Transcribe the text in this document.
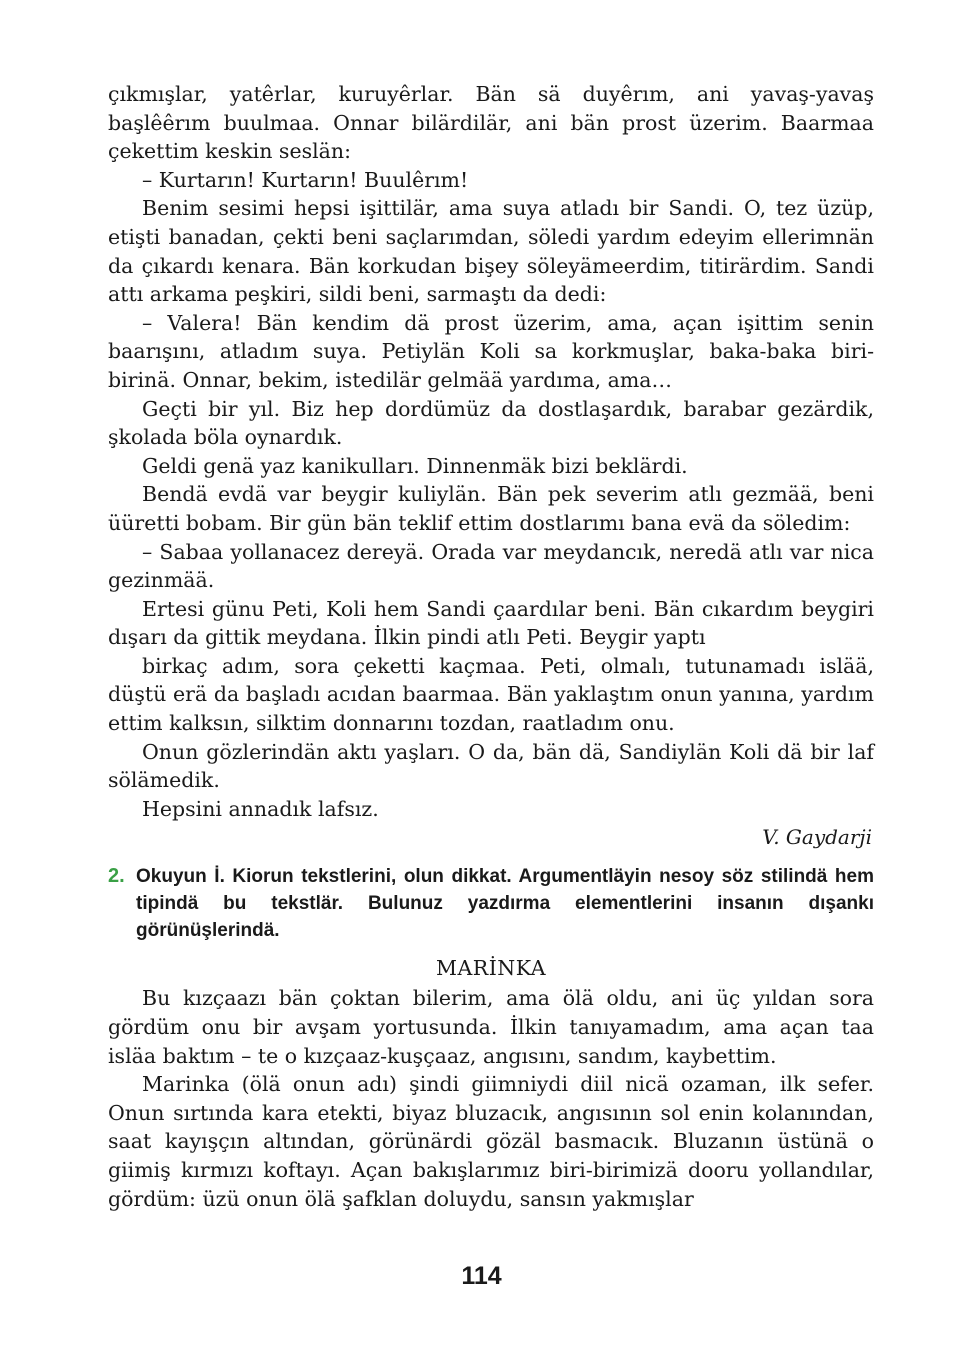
çıkmışlar, yatêrlar, kuruyêrlar. Bän sä duyêrım, ani yavaş-yavaş başlêêrım buulmaa. Onnar bilärdilär, ani bän prost üzerim. Baarmaa çekettim keskin seslän:

– Kurtarın! Kurtarın! Buulêrım!

Benim sesimi hepsi işittilär, ama suya atladı bir Sandi. O, tez üzüp, etişti banadan, çekti beni saçlarımdan, söledi yardım edeyim ellerimnän da çıkardı kenara. Bän korkudan bişey söleyämeerdim, titirärdim. Sandi attı arkama peşkiri, sildi beni, sarmaştı da dedi:

– Valera! Bän kendim dä prost üzerim, ama, açan işittim senin baarışını, atladım suya. Petiylän Koli sa korkmuşlar, baka-baka biri-birinä. Onnar, bekim, istedilär gelmää yardıma, ama…

Geçti bir yıl. Biz hep dordümüz da dostlaşardık, barabar gezärdik, şkolada böla oynardık.

Geldi genä yaz kanikulları. Dinnenmäk bizi beklärdi.

Bendä evdä var beygir kuliylän. Bän pek severim atlı gezmää, beni üüretti bobam. Bir gün bän teklif ettim dostlarımı bana evä da söledim:

– Sabaa yollanacez dereyä. Orada var meydancık, neredä atlı var nica gezinmää.

Ertesi günu Peti, Koli hem Sandi çaardılar beni. Bän cıkardım beygiri dışarı da gittik meydana. İlkin pindi atlı Peti. Beygir yaptı

birkaç adım, sora çeketti kaçmaa. Peti, olmalı, tutunamadı islää, düştü erä da başladı acıdan baarmaa. Bän yaklaştım onun yanına, yardım ettim kalksın, silktim donnarını tozdan, raatladım onu.

Onun gözlerindän aktı yaşları. O da, bän dä, Sandiylän Koli dä bir laf sölämedik.

Hepsini annadık lafsız.

V. Gaydarji

2. Okuyun İ. Kiorun tekstlerini, olun dikkat. Argumentläyin nesoy söz stilindä hem tipindä bu tekstlär. Bulunuz yazdırma elementlerini insanın dışankı görünüşlerindä.
MARİNKA

Bu kızçaazı bän çoktan bilerim, ama ölä oldu, ani üç yıldan sora gördüm onu bir avşam yortusunda. İlkin tanıyamadım, ama açan taa isläa baktım – te o kızçaaz-kuşçaaz, angısını, sandım, kaybettim.

Marinka (ölä onun adı) şindi giimniydi diil nicä ozaman, ilk sefer. Onun sırtında kara etekti, biyaz bluzacık, angısının sol enin kolanından, saat kayışçın altından, görünärdi gözäl basmacık. Bluzanın üstünä o giimiş kırmızı koftayı. Açan bakışlarımız biri-birimizä dooru yollandılar, gördüm: üzü onun ölä şafklan doluydu, sansın yakmışlar

114
